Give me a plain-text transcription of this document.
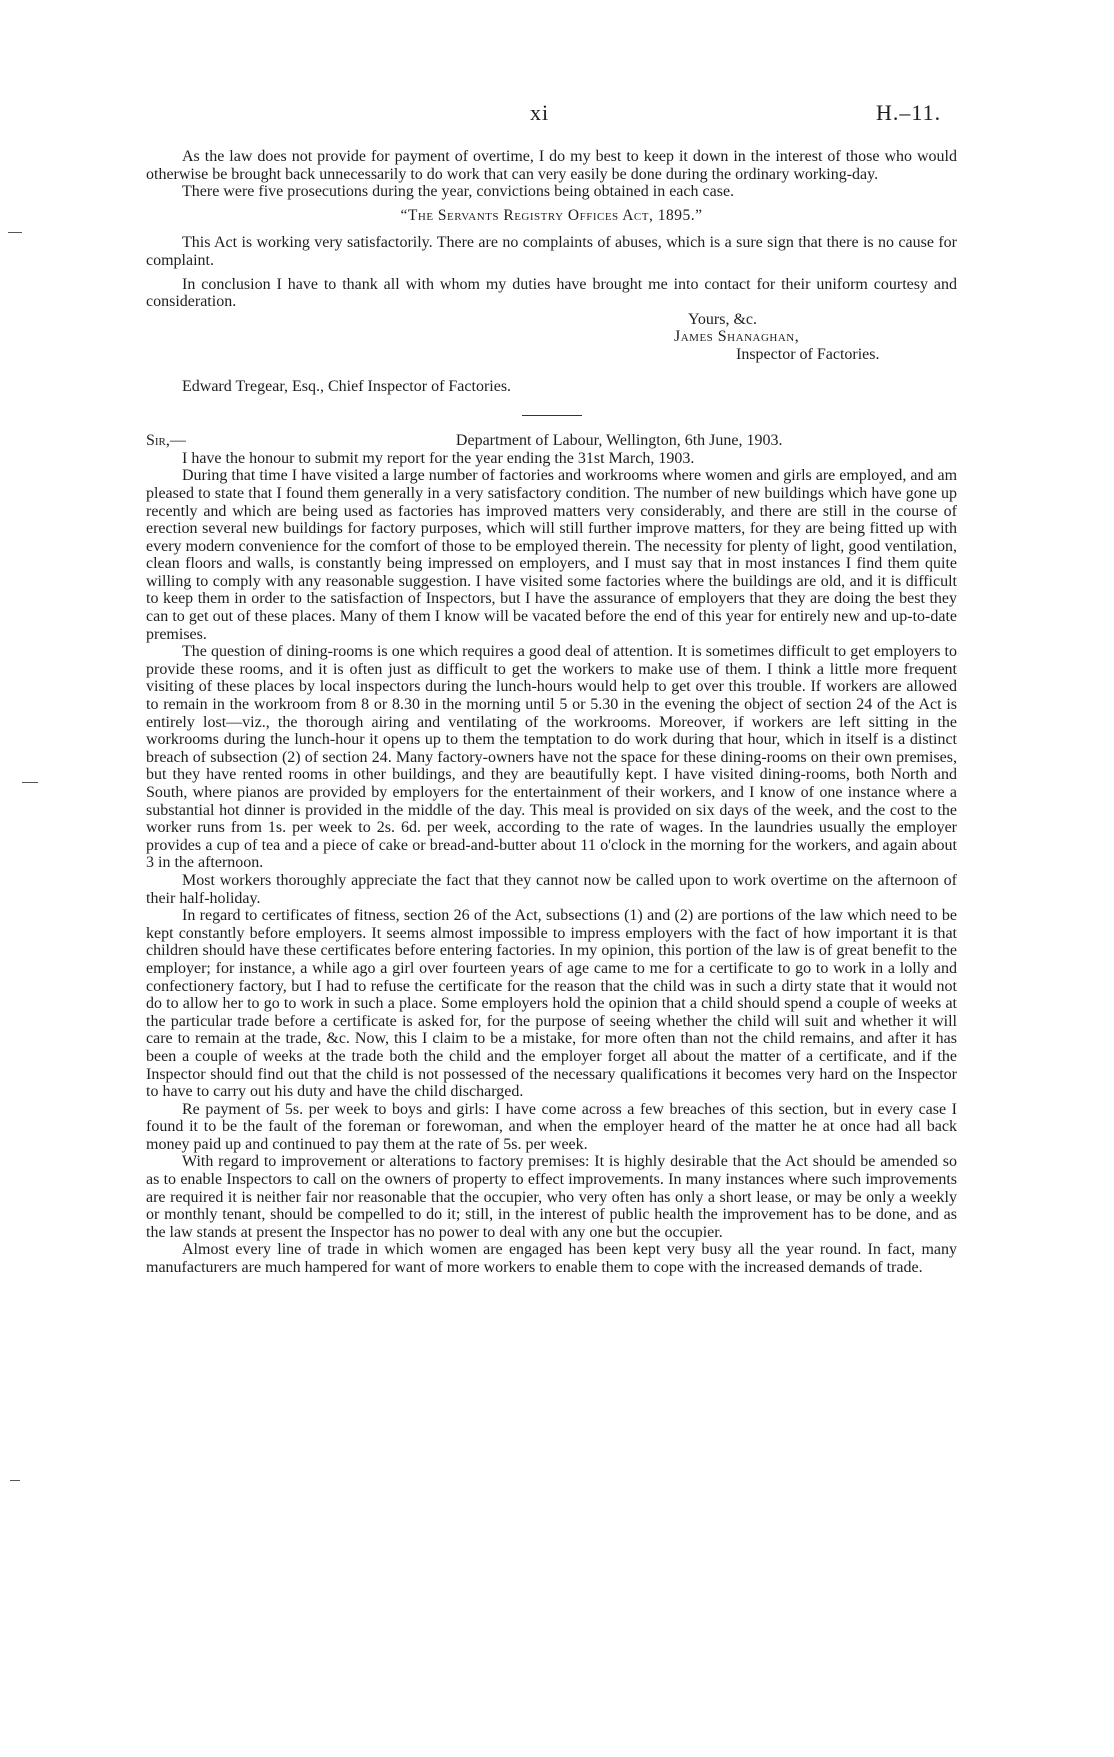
xi	H.–11.

As the law does not provide for payment of overtime, I do my best to keep it down in the interest of those who would otherwise be brought back unnecessarily to do work that can very easily be done during the ordinary working-day.

There were five prosecutions during the year, convictions being obtained in each case.

“The Servants Registry Offices Act, 1895.”

This Act is working very satisfactorily. There are no complaints of abuses, which is a sure sign that there is no cause for complaint.

In conclusion I have to thank all with whom my duties have brought me into contact for their uniform courtesy and consideration.

Yours, &c.

James Shanaghan,

Inspector of Factories.

Edward Tregear, Esq., Chief Inspector of Factories.

Sir,—	Department of Labour, Wellington, 6th June, 1903.

I have the honour to submit my report for the year ending the 31st March, 1903.

During that time I have visited a large number of factories and workrooms where women and girls are employed, and am pleased to state that I found them generally in a very satisfactory condition. The number of new buildings which have gone up recently and which are being used as factories has improved matters very considerably, and there are still in the course of erection several new buildings for factory purposes, which will still further improve matters, for they are being fitted up with every modern convenience for the comfort of those to be employed therein. The necessity for plenty of light, good ventilation, clean floors and walls, is constantly being impressed on employers, and I must say that in most instances I find them quite willing to comply with any reasonable suggestion. I have visited some factories where the buildings are old, and it is difficult to keep them in order to the satisfaction of Inspectors, but I have the assurance of employers that they are doing the best they can to get out of these places. Many of them I know will be vacated before the end of this year for entirely new and up-to-date premises.

The question of dining-rooms is one which requires a good deal of attention. It is sometimes difficult to get employers to provide these rooms, and it is often just as difficult to get the workers to make use of them. I think a little more frequent visiting of these places by local inspectors during the lunch-hours would help to get over this trouble. If workers are allowed to remain in the workroom from 8 or 8.30 in the morning until 5 or 5.30 in the evening the object of section 24 of the Act is entirely lost—viz., the thorough airing and ventilating of the workrooms. Moreover, if workers are left sitting in the workrooms during the lunch-hour it opens up to them the temptation to do work during that hour, which in itself is a distinct breach of subsection (2) of section 24. Many factory-owners have not the space for these dining-rooms on their own premises, but they have rented rooms in other buildings, and they are beautifully kept. I have visited dining-rooms, both North and South, where pianos are provided by employers for the entertainment of their workers, and I know of one instance where a substantial hot dinner is provided in the middle of the day. This meal is provided on six days of the week, and the cost to the worker runs from 1s. per week to 2s. 6d. per week, according to the rate of wages. In the laundries usually the employer provides a cup of tea and a piece of cake or bread-and-butter about 11 o'clock in the morning for the workers, and again about 3 in the afternoon.

Most workers thoroughly appreciate the fact that they cannot now be called upon to work overtime on the afternoon of their half-holiday.

In regard to certificates of fitness, section 26 of the Act, subsections (1) and (2) are portions of the law which need to be kept constantly before employers. It seems almost impossible to impress employers with the fact of how important it is that children should have these certificates before entering factories. In my opinion, this portion of the law is of great benefit to the employer; for instance, a while ago a girl over fourteen years of age came to me for a certificate to go to work in a lolly and confectionery factory, but I had to refuse the certificate for the reason that the child was in such a dirty state that it would not do to allow her to go to work in such a place. Some employers hold the opinion that a child should spend a couple of weeks at the particular trade before a certificate is asked for, for the purpose of seeing whether the child will suit and whether it will care to remain at the trade, &c. Now, this I claim to be a mistake, for more often than not the child remains, and after it has been a couple of weeks at the trade both the child and the employer forget all about the matter of a certificate, and if the Inspector should find out that the child is not possessed of the necessary qualifications it becomes very hard on the Inspector to have to carry out his duty and have the child discharged.

Re payment of 5s. per week to boys and girls: I have come across a few breaches of this section, but in every case I found it to be the fault of the foreman or forewoman, and when the employer heard of the matter he at once had all back money paid up and continued to pay them at the rate of 5s. per week.

With regard to improvement or alterations to factory premises: It is highly desirable that the Act should be amended so as to enable Inspectors to call on the owners of property to effect improvements. In many instances where such improvements are required it is neither fair nor reasonable that the occupier, who very often has only a short lease, or may be only a weekly or monthly tenant, should be compelled to do it; still, in the interest of public health the improvement has to be done, and as the law stands at present the Inspector has no power to deal with any one but the occupier.

Almost every line of trade in which women are engaged has been kept very busy all the year round. In fact, many manufacturers are much hampered for want of more workers to enable them to cope with the increased demands of trade.
